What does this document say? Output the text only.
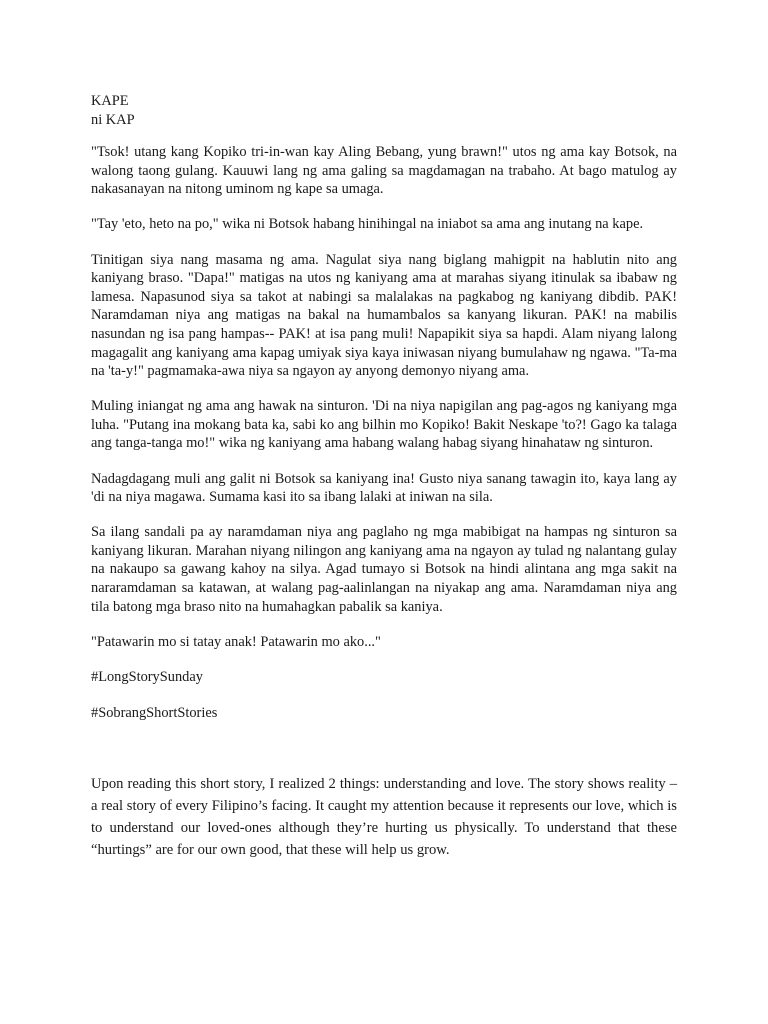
KAPE
ni KAP

"Tsok! utang kang Kopiko tri-in-wan kay Aling Bebang, yung brawn!" utos ng ama kay Botsok, na walong taong gulang. Kauuwi lang ng ama galing sa magdamagan na trabaho. At bago matulog ay nakasanayan na nitong uminom ng kape sa umaga.

"Tay 'eto, heto na po," wika ni Botsok habang hinihingal na iniabot sa ama ang inutang na kape.

Tinitigan siya nang masama ng ama. Nagulat siya nang biglang mahigpit na hablutin nito ang kaniyang braso. "Dapa!" matigas na utos ng kaniyang ama at marahas siyang itinulak sa ibabaw ng lamesa. Napasunod siya sa takot at nabingi sa malalakas na pagkabog ng kaniyang dibdib. PAK! Naramdaman niya ang matigas na bakal na humambalos sa kanyang likuran. PAK! na mabilis nasundan ng isa pang hampas-- PAK! at isa pang muli! Napapikit siya sa hapdi. Alam niyang lalong magagalit ang kaniyang ama kapag umiyak siya kaya iniwasan niyang bumulahaw ng ngawa. "Ta-ma na 'ta-y!" pagmamaka-awa niya sa ngayon ay anyong demonyo niyang ama.

Muling iniangat ng ama ang hawak na sinturon. 'Di na niya napigilan ang pag-agos ng kaniyang mga luha. "Putang ina mokang bata ka, sabi ko ang bilhin mo Kopiko! Bakit Neskape 'to?! Gago ka talaga ang tanga-tanga mo!" wika ng kaniyang ama habang walang habag siyang hinahataw ng sinturon.

Nadagdagang muli ang galit ni Botsok sa kaniyang ina! Gusto niya sanang tawagin ito, kaya lang ay 'di na niya magawa. Sumama kasi ito sa ibang lalaki at iniwan na sila.

Sa ilang sandali pa ay naramdaman niya ang paglaho ng mga mabibigat na hampas ng sinturon sa kaniyang likuran. Marahan niyang nilingon ang kaniyang ama na ngayon ay tulad ng nalantang gulay na nakaupo sa gawang kahoy na silya. Agad tumayo si Botsok na hindi alintana ang mga sakit na nararamdaman sa katawan, at walang pag-aalinlangan na niyakap ang ama. Naramdaman niya ang tila batong mga braso nito na humahagkan pabalik sa kaniya.

"Patawarin mo si tatay anak! Patawarin mo ako..."

#LongStorySunday

#SobrangShortStories

Upon reading this short story, I realized 2 things: understanding and love. The story shows reality – a real story of every Filipino’s facing. It caught my attention because it represents our love, which is to understand our loved-ones although they’re hurting us physically. To understand that these “hurtings” are for our own good, that these will help us grow.
